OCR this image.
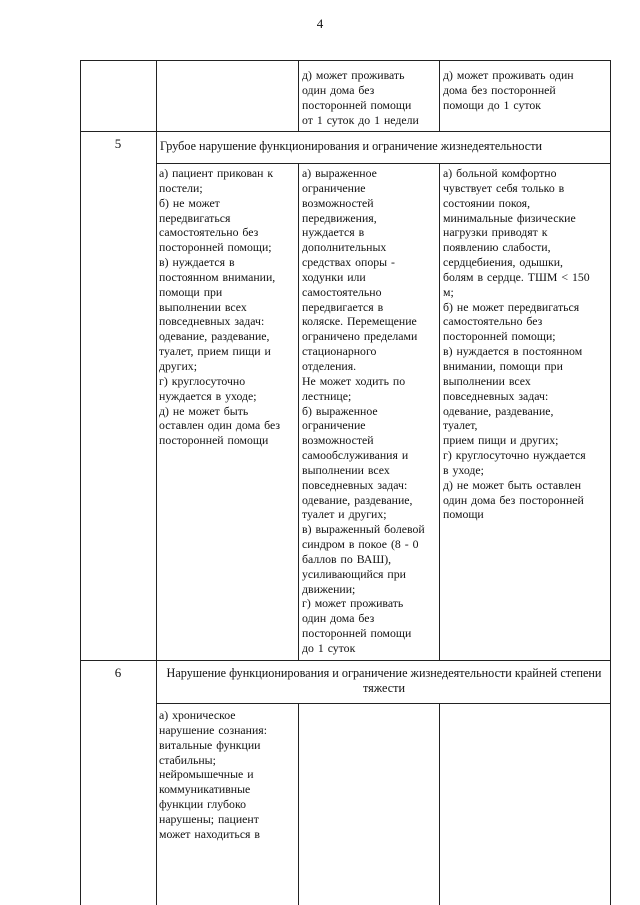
4
д) может проживать
один дома без
посторонней помощи
от 1 суток до 1 недели
д) может проживать один
дома без посторонней
помощи до 1 суток
5	Грубое нарушение функционирования и ограничение жизнедеятельности
а) пациент прикован к
постели;
б) не может
передвигаться
самостоятельно без
посторонней помощи;
в) нуждается в
постоянном внимании,
помощи при
выполнении всех
повседневных задач:
одевание, раздевание,
туалет, прием пищи и
других;
г) круглосуточно
нуждается в уходе;
д) не может быть
оставлен один дома без
посторонней помощи
а) выраженное
ограничение
возможностей
передвижения,
нуждается в
дополнительных
средствах опоры -
ходунки или
самостоятельно
передвигается в
коляске. Перемещение
ограничено пределами
стационарного
отделения.
Не может ходить по
лестнице;
б) выраженное
ограничение
возможностей
самообслуживания и
выполнении всех
повседневных задач:
одевание, раздевание,
туалет и других;
в) выраженный болевой
синдром в покое (8 - 0
баллов по ВАШ),
усиливающийся при
движении;
г) может проживать
один дома без
посторонней помощи
до 1 суток
а) больной комфортно
чувствует себя только в
состоянии покоя,
минимальные физические
нагрузки приводят к
появлению слабости,
сердцебиения, одышки,
болям в сердце. ТШМ < 150
м;
б) не может передвигаться
самостоятельно без
посторонней помощи;
в) нуждается в постоянном
внимании, помощи при
выполнении всех
повседневных задач:
одевание, раздевание,
туалет,
прием пищи и других;
г) круглосуточно нуждается
в уходе;
д) не может быть оставлен
один дома без посторонней
помощи
6	Нарушение функционирования и ограничение жизнедеятельности крайней степени тяжести
а) хроническое
нарушение сознания:
витальные функции
стабильны;
нейромышечные и
коммуникативные
функции глубоко
нарушены; пациент
может находиться в
